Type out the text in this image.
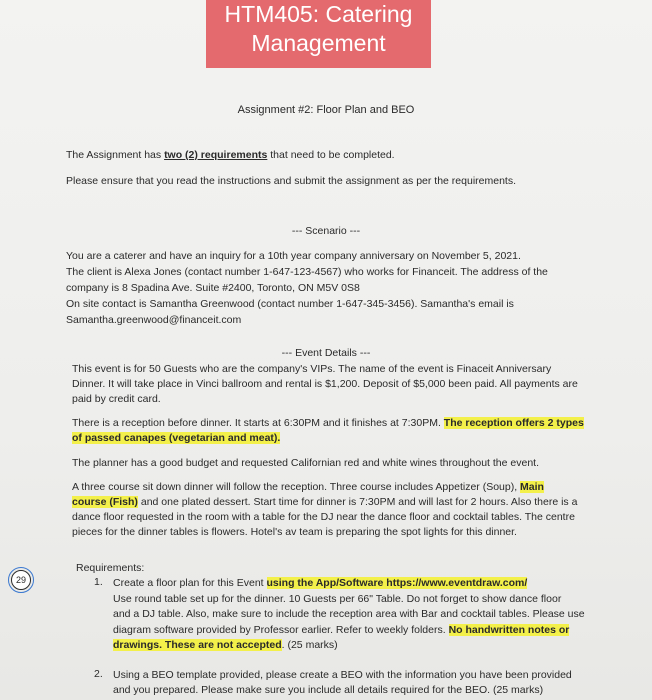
HTM405: Catering
Management
Assignment #2: Floor Plan and BEO
The Assignment has two (2) requirements that need to be completed.
Please ensure that you read the instructions and submit the assignment as per the requirements.
--- Scenario ---
You are a caterer and have an inquiry for a 10th year company anniversary on November 5, 2021.
The client is Alexa Jones (contact number 1-647-123-4567) who works for Financeit. The address of the
company is 8 Spadina Ave. Suite #2400, Toronto, ON M5V 0S8
On site contact is Samantha Greenwood (contact number 1-647-345-3456). Samantha's email is
Samantha.greenwood@financeit.com
--- Event Details ---
This event is for 50 Guests who are the company's VIPs. The name of the event is Finaceit Anniversary
Dinner. It will take place in Vinci ballroom and rental is $1,200. Deposit of $5,000 been paid. All payments are
paid by credit card.
There is a reception before dinner. It starts at 6:30PM and it finishes at 7:30PM. The reception offers 2 types
of passed canapes (vegetarian and meat).
The planner has a good budget and requested Californian red and white wines throughout the event.
A three course sit down dinner will follow the reception. Three course includes Appetizer (Soup), Main
course (Fish) and one plated dessert. Start time for dinner is 7:30PM and will last for 2 hours. Also there is a
dance floor requested in the room with a table for the DJ near the dance floor and cocktail tables. The centre
pieces for the dinner tables is flowers. Hotel's av team is preparing the spot lights for this dinner.
29
Requirements:
1. Create a floor plan for this Event using the App/Software https://www.eventdraw.com/
Use round table set up for the dinner. 10 Guests per 66" Table. Do not forget to show dance floor
and a DJ table. Also, make sure to include the reception area with Bar and cocktail tables. Please use
diagram software provided by Professor earlier. Refer to weekly folders. No handwritten notes or
drawings. These are not accepted. (25 marks)
2. Using a BEO template provided, please create a BEO with the information you have been provided
and you prepared. Please make sure you include all details required for the BEO. (25 marks)
